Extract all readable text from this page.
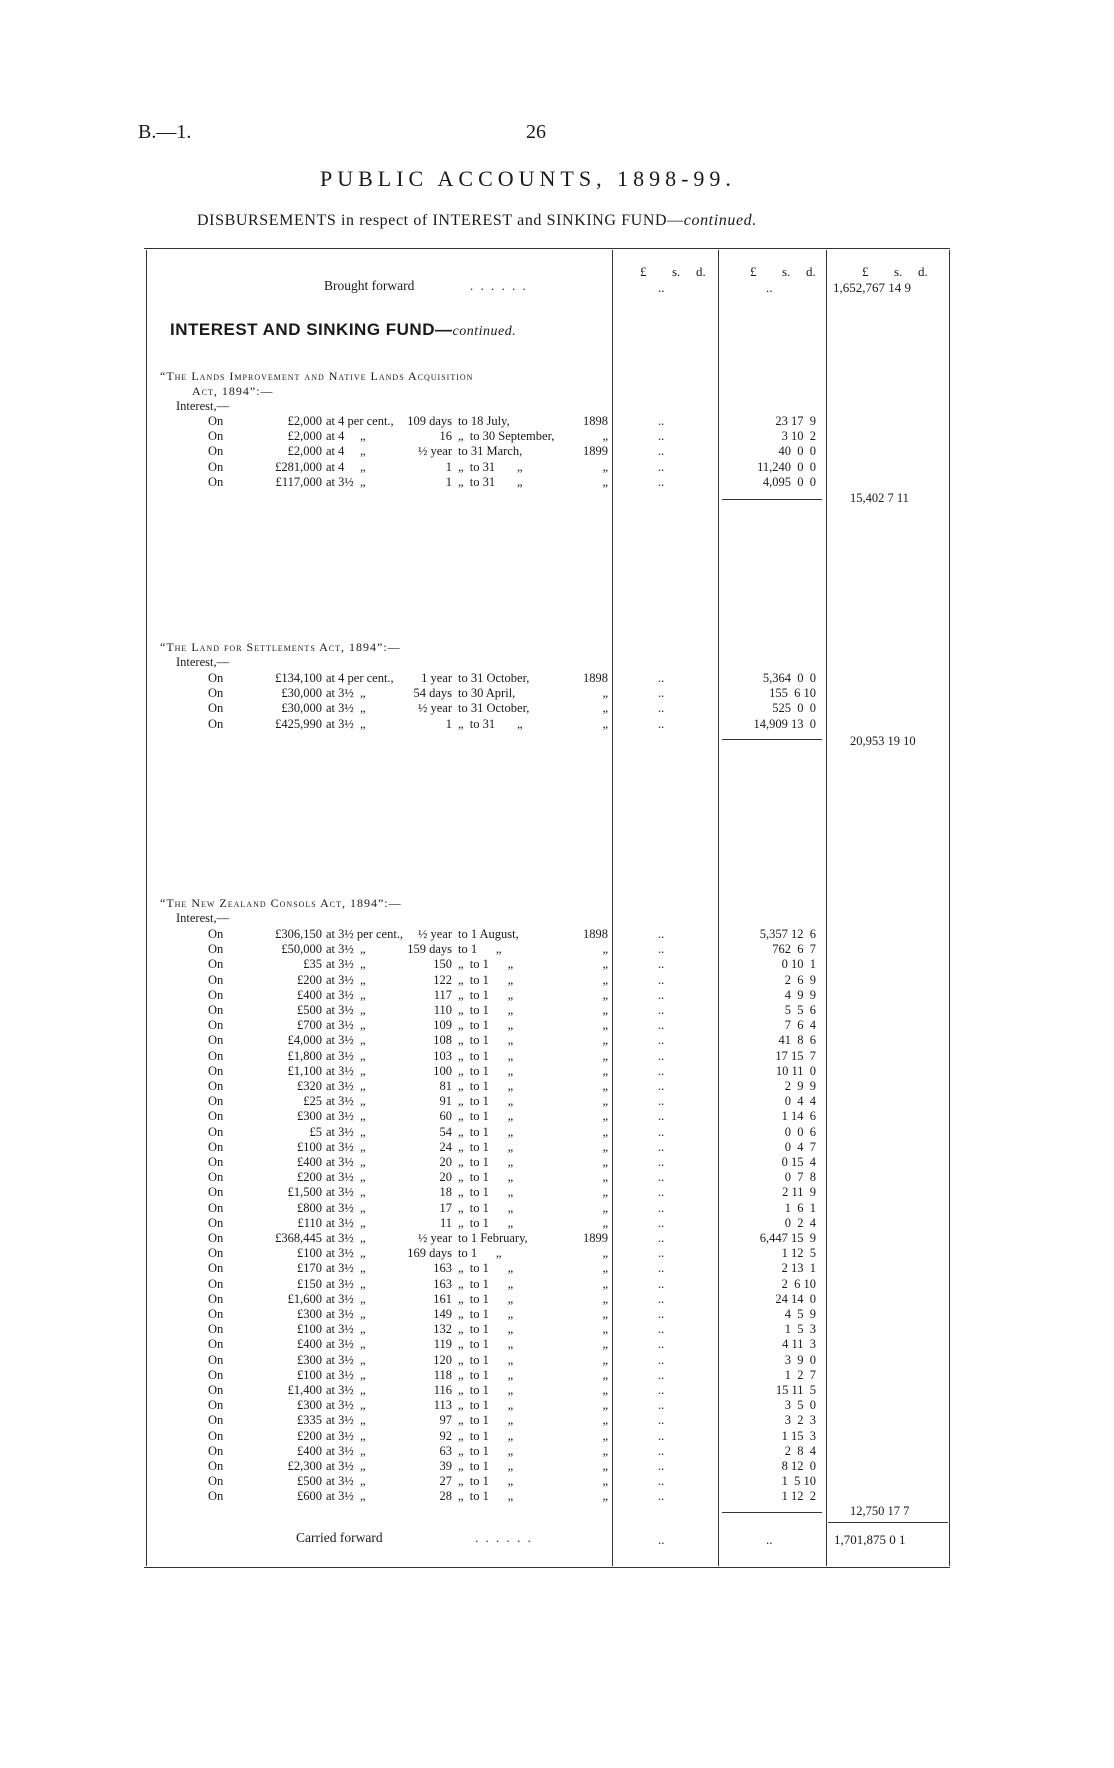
B.—1.	26
PUBLIC ACCOUNTS, 1898-99.
DISBURSEMENTS in respect of INTEREST and SINKING FUND—continued.
£ s. d.	£ s. d.	£ s. d.
Brought forward	. . . . . .	..	..	1,652,767 14 9
INTEREST AND SINKING FUND—continued.
“The Lands Improvement and Native Lands Acquisition
Act, 1894”:—
Interest,—
On	£2,000 at 4 per cent.,	109 days to 18 July,	1898	..	23 17  9
On	£2,000 at 4 „	16 „  to 30 September,	„	..	3 10  2
On	£2,000 at 4 „	½ year to 31 March,	1899	..	40  0  0
On	£281,000 at 4 „	1 „  to 31       „	„	..	11,240  0  0
On	£117,000 at 3½ „	1 „  to 31       „	„	..	4,095  0  0
15,402 7 11
“The Land for Settlements Act, 1894”:—
Interest,—
On	£134,100 at 4 per cent.,	1 year to 31 October,	1898	..	5,364  0  0
On	£30,000 at 3½ „	54 days to 30 April,	„	..	155  6 10
On	£30,000 at 3½ „	½ year to 31 October,	„	..	525  0  0
On	£425,990 at 3½ „	1 „  to 31       „	„	..	14,909 13  0
20,953 19 10
“The New Zealand Consols Act, 1894”:—
Interest,—
On	£306,150 at 3½ per cent.,	½ year to 1 August,	1898	..	5,357 12  6
On	£50,000 at 3½ „	159 days to 1      „	„	..	762  6  7
On	£35 at 3½ „	150 „  to 1      „	„	..	0 10  1
On	£200 at 3½ „	122 „  to 1      „	„	..	2  6  9
On	£400 at 3½ „	117 „  to 1      „	„	..	4  9  9
On	£500 at 3½ „	110 „  to 1      „	„	..	5  5  6
On	£700 at 3½ „	109 „  to 1      „	„	..	7  6  4
On	£4,000 at 3½ „	108 „  to 1      „	„	..	41  8  6
On	£1,800 at 3½ „	103 „  to 1      „	„	..	17 15  7
On	£1,100 at 3½ „	100 „  to 1      „	„	..	10 11  0
On	£320 at 3½ „	81 „  to 1      „	„	..	2  9  9
On	£25 at 3½ „	91 „  to 1      „	„	..	0  4  4
On	£300 at 3½ „	60 „  to 1      „	„	..	1 14  6
On	£5 at 3½ „	54 „  to 1      „	„	..	0  0  6
On	£100 at 3½ „	24 „  to 1      „	„	..	0  4  7
On	£400 at 3½ „	20 „  to 1      „	„	..	0 15  4
On	£200 at 3½ „	20 „  to 1      „	„	..	0  7  8
On	£1,500 at 3½ „	18 „  to 1      „	„	..	2 11  9
On	£800 at 3½ „	17 „  to 1      „	„	..	1  6  1
On	£110 at 3½ „	11 „  to 1      „	„	..	0  2  4
On	£368,445 at 3½ „	½ year to 1 February,	1899	..	6,447 15  9
On	£100 at 3½ „	169 days to 1      „	„	..	1 12  5
On	£170 at 3½ „	163 „  to 1      „	„	..	2 13  1
On	£150 at 3½ „	163 „  to 1      „	„	..	2  6 10
On	£1,600 at 3½ „	161 „  to 1      „	„	..	24 14  0
On	£300 at 3½ „	149 „  to 1      „	„	..	4  5  9
On	£100 at 3½ „	132 „  to 1      „	„	..	1  5  3
On	£400 at 3½ „	119 „  to 1      „	„	..	4 11  3
On	£300 at 3½ „	120 „  to 1      „	„	..	3  9  0
On	£100 at 3½ „	118 „  to 1      „	„	..	1  2  7
On	£1,400 at 3½ „	116 „  to 1      „	„	..	15 11  5
On	£300 at 3½ „	113 „  to 1      „	„	..	3  5  0
On	£335 at 3½ „	97 „  to 1      „	„	..	3  2  3
On	£200 at 3½ „	92 „  to 1      „	„	..	1 15  3
On	£400 at 3½ „	63 „  to 1      „	„	..	2  8  4
On	£2,300 at 3½ „	39 „  to 1      „	„	..	8 12  0
On	£500 at 3½ „	27 „  to 1      „	„	..	1  5 10
On	£600 at 3½ „	28 „  to 1      „	„	..	1 12  2
12,750 17 7
Carried forward	. . . . . .	..	..	1,701,875 0 1
